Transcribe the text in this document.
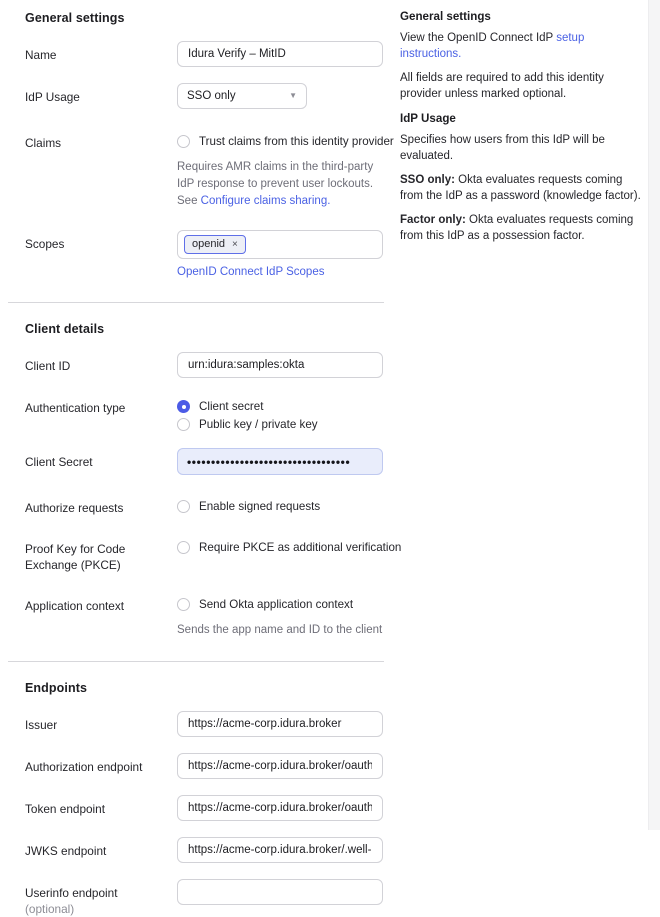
General settings
Name
Idura Verify – MitID
IdP Usage	SSO only	▼
Claims	Trust claims from this identity provider
Requires AMR claims in the third-party IdP response to prevent user lockouts. See Configure claims sharing.
Scopes	openid ×
OpenID Connect IdP Scopes
Client details
Client ID
urn:idura:samples:okta
Authentication type	Client secret
Public key / private key
Client Secret	••••••••••••••••••••••••••••••••••
Authorize requests	Enable signed requests
Proof Key for Code Exchange (PKCE)
Require PKCE as additional verification
Application context	Send Okta application context
Sends the app name and ID to the client
Endpoints
Issuer
https://acme-corp.idura.broker
Authorization endpoint
https://acme-corp.idura.broker/oauth2/authorize
Token endpoint
https://acme-corp.idura.broker/oauth2/token
JWKS endpoint
https://acme-corp.idura.broker/.well-known/jwks.json
Userinfo endpoint (optional)
General settings

View the OpenID Connect IdP setup instructions.

All fields are required to add this identity provider unless marked optional.

IdP Usage

Specifies how users from this IdP will be evaluated.

SSO only: Okta evaluates requests coming from the IdP as a password (knowledge factor).

Factor only: Okta evaluates requests coming from this IdP as a possession factor.
